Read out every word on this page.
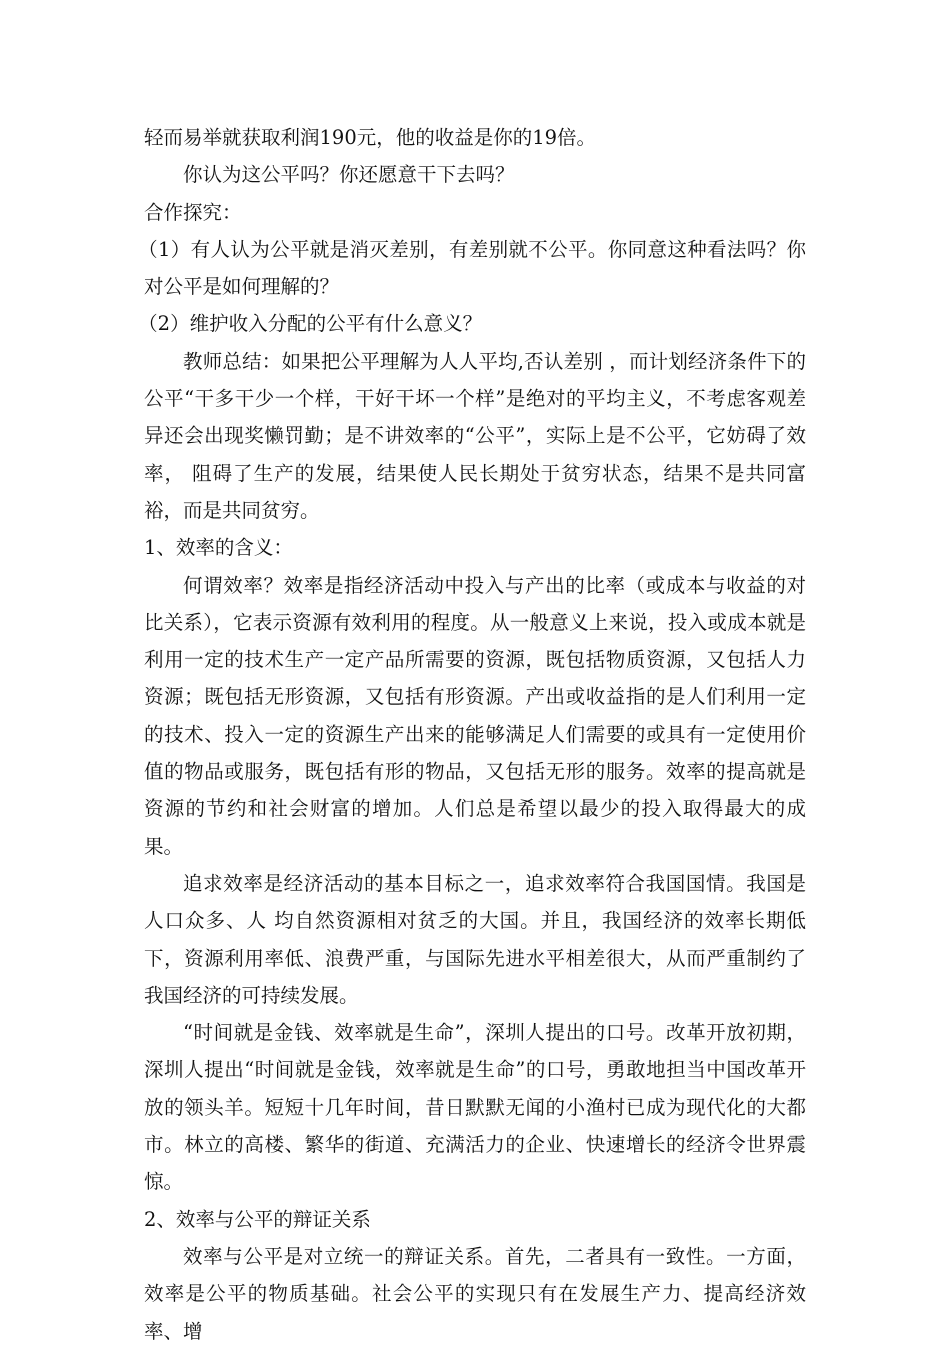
轻而易举就获取利润190元，他的收益是你的19倍。

你认为这公平吗？你还愿意干下去吗？

合作探究：

（1）有人认为公平就是消灭差别，有差别就不公平。你同意这种看法吗？你对公平是如何理解的？

（2）维护收入分配的公平有什么意义？

教师总结：如果把公平理解为人人平均,否认差别 ，而计划经济条件下的公平“干多干少一个样，干好干坏一个样”是绝对的平均主义，不考虑客观差异还会出现奖懒罚勤；是不讲效率的“公平”，实际上是不公平，它妨碍了效率， 阻碍了生产的发展，结果使人民长期处于贫穷状态，结果不是共同富裕，而是共同贫穷。

1、效率的含义：

何谓效率？效率是指经济活动中投入与产出的比率（或成本与收益的对比关系），它表示资源有效利用的程度。从一般意义上来说，投入或成本就是利用一定的技术生产一定产品所需要的资源，既包括物质资源，又包括人力资源；既包括无形资源，又包括有形资源。产出或收益指的是人们利用一定的技术、投入一定的资源生产出来的能够满足人们需要的或具有一定使用价值的物品或服务，既包括有形的物品，又包括无形的服务。效率的提高就是资源的节约和社会财富的增加。人们总是希望以最少的投入取得最大的成果。

追求效率是经济活动的基本目标之一，追求效率符合我国国情。我国是人口众多、人 均自然资源相对贫乏的大国。并且，我国经济的效率长期低下，资源利用率低、浪费严重，与国际先进水平相差很大，从而严重制约了我国经济的可持续发展。

“时间就是金钱、效率就是生命”，深圳人提出的口号。改革开放初期，深圳人提出“时间就是金钱，效率就是生命”的口号，勇敢地担当中国改革开放的领头羊。短短十几年时间，昔日默默无闻的小渔村已成为现代化的大都市。林立的高楼、繁华的街道、充满活力的企业、快速增长的经济令世界震惊。

2、效率与公平的辩证关系

效率与公平是对立统一的辩证关系。首先，二者具有一致性。一方面，效率是公平的物质基础。社会公平的实现只有在发展生产力、提高经济效率、增
